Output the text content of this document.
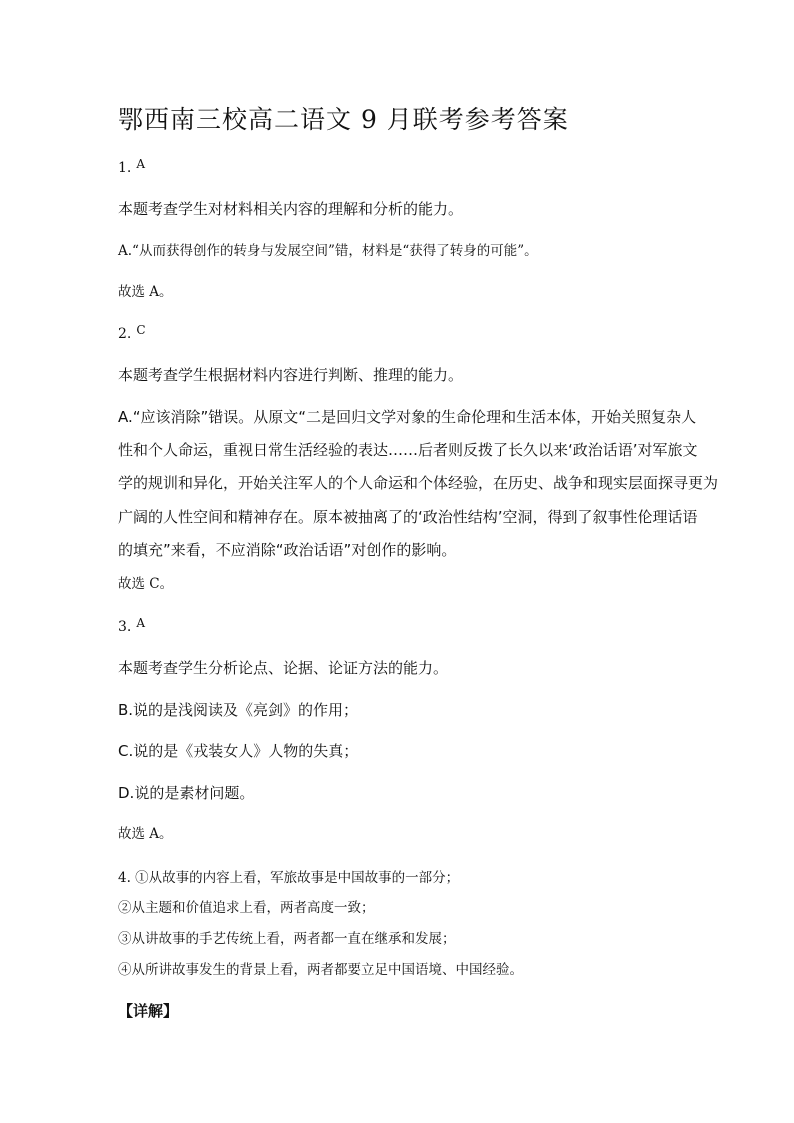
鄂西南三校高二语文 9 月联考参考答案
1. A
本题考查学生对材料相关内容的理解和分析的能力。
A.“从而获得创作的转身与发展空间”错，材料是“获得了转身的可能”。
故选 A。
2. C
本题考查学生根据材料内容进行判断、推理的能力。
A.“应该消除”错误。从原文“二是回归文学对象的生命伦理和生活本体，开始关照复杂人
性和个人命运，重视日常生活经验的表达……后者则反拨了长久以来‘政治话语’对军旅文
学的规训和异化，开始关注军人的个人命运和个体经验，在历史、战争和现实层面探寻更为
广阔的人性空间和精神存在。原本被抽离了的‘政治性结构’空洞，得到了叙事性伦理话语
的填充”来看，不应消除“政治话语”对创作的影响。
故选 C。
3. A
本题考查学生分析论点、论据、论证方法的能力。
B.说的是浅阅读及《亮剑》的作用；
C.说的是《戎装女人》人物的失真；
D.说的是素材问题。
故选 A。
4. ①从故事的内容上看，军旅故事是中国故事的一部分；
②从主题和价值追求上看，两者高度一致；
③从讲故事的手艺传统上看，两者都一直在继承和发展；
④从所讲故事发生的背景上看，两者都要立足中国语境、中国经验。
【详解】
